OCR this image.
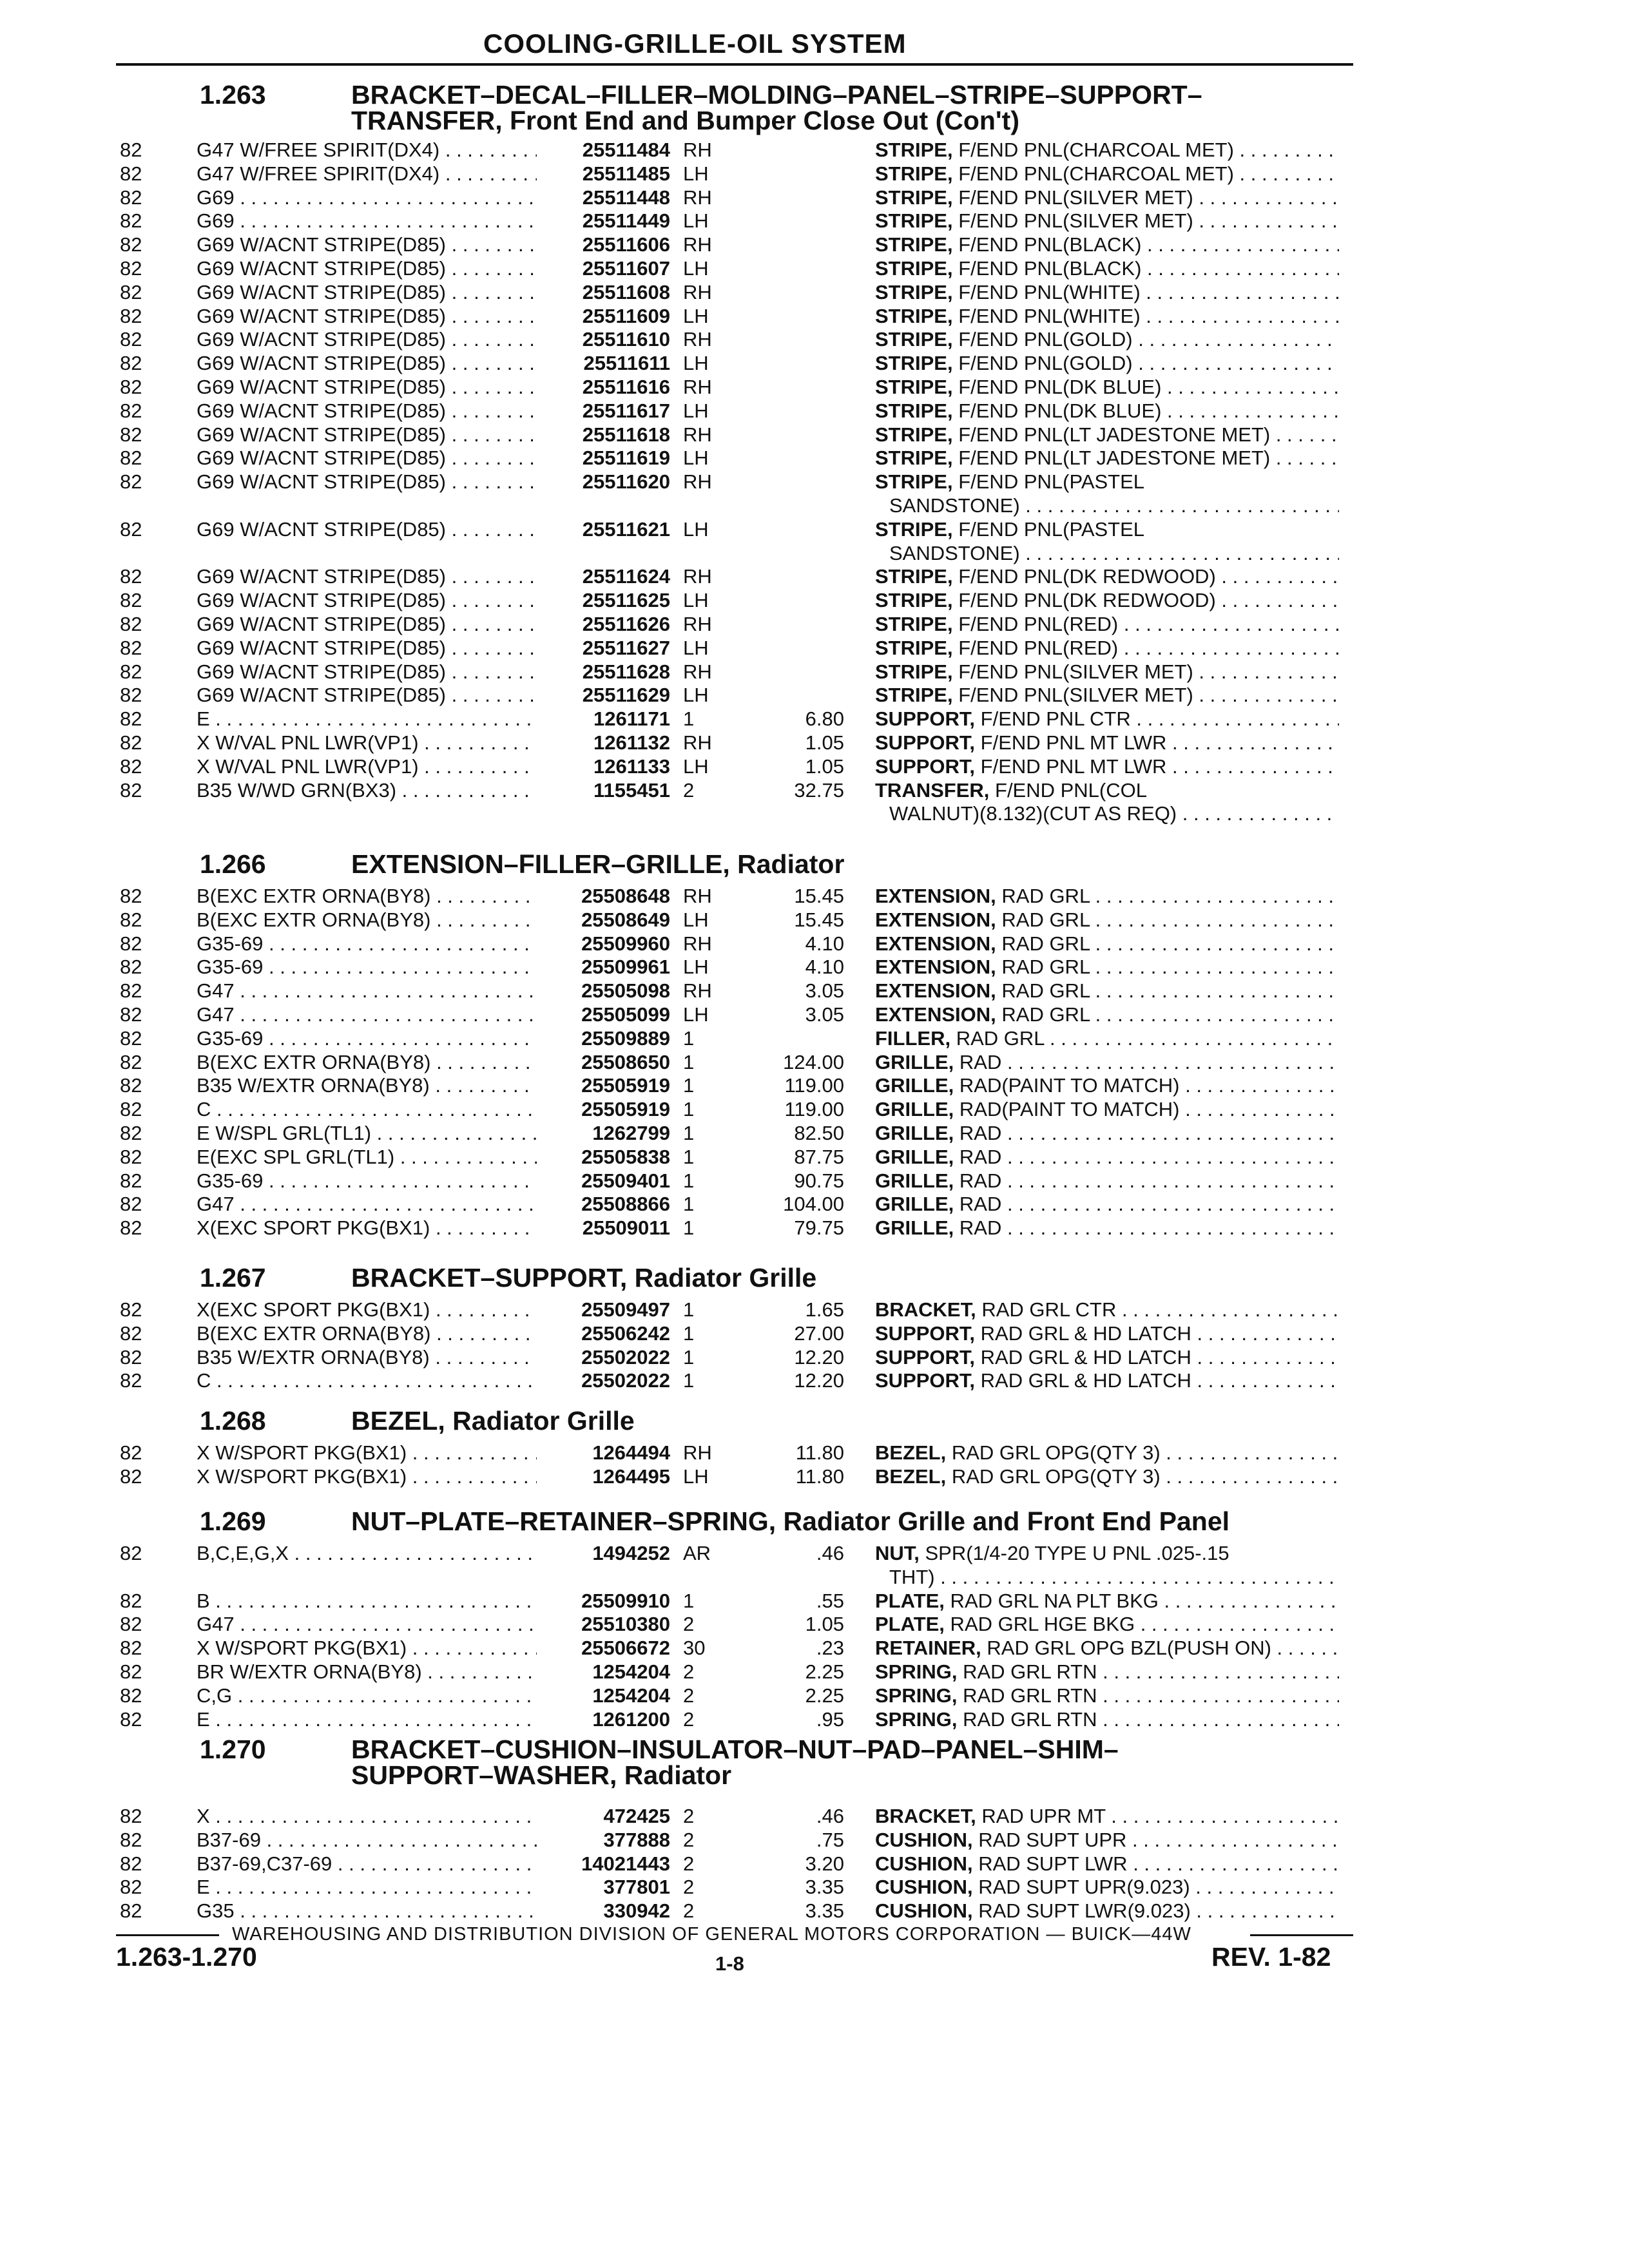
COOLING-GRILLE-OIL SYSTEM
1.263	BRACKET–DECAL–FILLER–MOLDING–PANEL–STRIPE–SUPPORT–
TRANSFER, Front End and Bumper Close Out (Con't)
82	G47 W/FREE SPIRIT(DX4) . . .	25511484 RH	STRIPE, F/END PNL(CHARCOAL MET) . . .
82	G47 W/FREE SPIRIT(DX4) . . .	25511485 LH	STRIPE, F/END PNL(CHARCOAL MET) . . .
82	G69 . . .	25511448 RH	STRIPE, F/END PNL(SILVER MET) . . .
82	G69 . . .	25511449 LH	STRIPE, F/END PNL(SILVER MET) . . .
82	G69 W/ACNT STRIPE(D85) . . .	25511606 RH	STRIPE, F/END PNL(BLACK) . . .
82	G69 W/ACNT STRIPE(D85) . . .	25511607 LH	STRIPE, F/END PNL(BLACK) . . .
82	G69 W/ACNT STRIPE(D85) . . .	25511608 RH	STRIPE, F/END PNL(WHITE) . . .
82	G69 W/ACNT STRIPE(D85) . . .	25511609 LH	STRIPE, F/END PNL(WHITE) . . .
82	G69 W/ACNT STRIPE(D85) . . .	25511610 RH	STRIPE, F/END PNL(GOLD) . . .
82	G69 W/ACNT STRIPE(D85) . . .	25511611 LH	STRIPE, F/END PNL(GOLD) . . .
82	G69 W/ACNT STRIPE(D85) . . .	25511616 RH	STRIPE, F/END PNL(DK BLUE) . . .
82	G69 W/ACNT STRIPE(D85) . . .	25511617 LH	STRIPE, F/END PNL(DK BLUE) . . .
82	G69 W/ACNT STRIPE(D85) . . .	25511618 RH	STRIPE, F/END PNL(LT JADESTONE MET) . . .
82	G69 W/ACNT STRIPE(D85) . . .	25511619 LH	STRIPE, F/END PNL(LT JADESTONE MET) . . .
82	G69 W/ACNT STRIPE(D85) . . .	25511620 RH	STRIPE, F/END PNL(PASTEL
SANDSTONE) . . .
82	G69 W/ACNT STRIPE(D85) . . .	25511621 LH	STRIPE, F/END PNL(PASTEL
SANDSTONE) . . .
82	G69 W/ACNT STRIPE(D85) . . .	25511624 RH	STRIPE, F/END PNL(DK REDWOOD) . . .
82	G69 W/ACNT STRIPE(D85) . . .	25511625 LH	STRIPE, F/END PNL(DK REDWOOD) . . .
82	G69 W/ACNT STRIPE(D85) . . .	25511626 RH	STRIPE, F/END PNL(RED) . . .
82	G69 W/ACNT STRIPE(D85) . . .	25511627 LH	STRIPE, F/END PNL(RED) . . .
82	G69 W/ACNT STRIPE(D85) . . .	25511628 RH	STRIPE, F/END PNL(SILVER MET) . . .
82	G69 W/ACNT STRIPE(D85) . . .	25511629 LH	STRIPE, F/END PNL(SILVER MET) . . .
82	E . . .	1261171 1	6.80 SUPPORT, F/END PNL CTR . . .
82	X W/VAL PNL LWR(VP1) . . .	1261132 RH	1.05 SUPPORT, F/END PNL MT LWR . . .
82	X W/VAL PNL LWR(VP1) . . .	1261133 LH	1.05 SUPPORT, F/END PNL MT LWR . . .
82	B35 W/WD GRN(BX3) . . .	1155451 2	32.75 TRANSFER, F/END PNL(COL
WALNUT)(8.132)(CUT AS REQ) . . .
1.266	EXTENSION–FILLER–GRILLE, Radiator
82	B(EXC EXTR ORNA(BY8) . . .	25508648 RH	15.45 EXTENSION, RAD GRL . . .
82	B(EXC EXTR ORNA(BY8) . . .	25508649 LH	15.45 EXTENSION, RAD GRL . . .
82	G35-69 . . .	25509960 RH	4.10 EXTENSION, RAD GRL . . .
82	G35-69 . . .	25509961 LH	4.10 EXTENSION, RAD GRL . . .
82	G47 . . .	25505098 RH	3.05 EXTENSION, RAD GRL . . .
82	G47 . . .	25505099 LH	3.05 EXTENSION, RAD GRL . . .
82	G35-69 . . .	25509889 1	FILLER, RAD GRL . . .
82	B(EXC EXTR ORNA(BY8) . . .	25508650 1	124.00 GRILLE, RAD . . .
82	B35 W/EXTR ORNA(BY8) . . .	25505919 1	119.00 GRILLE, RAD(PAINT TO MATCH) . . .
82	C . . .	25505919 1	119.00 GRILLE, RAD(PAINT TO MATCH) . . .
82	E W/SPL GRL(TL1) . . .	1262799 1	82.50 GRILLE, RAD . . .
82	E(EXC SPL GRL(TL1) . . .	25505838 1	87.75 GRILLE, RAD . . .
82	G35-69 . . .	25509401 1	90.75 GRILLE, RAD . . .
82	G47 . . .	25508866 1	104.00 GRILLE, RAD . . .
82	X(EXC SPORT PKG(BX1) . . .	25509011 1	79.75 GRILLE, RAD . . .
1.267	BRACKET–SUPPORT, Radiator Grille
82	X(EXC SPORT PKG(BX1) . . .	25509497 1	1.65 BRACKET, RAD GRL CTR . . .
82	B(EXC EXTR ORNA(BY8) . . .	25506242 1	27.00 SUPPORT, RAD GRL & HD LATCH . . .
82	B35 W/EXTR ORNA(BY8) . . .	25502022 1	12.20 SUPPORT, RAD GRL & HD LATCH . . .
82	C . . .	25502022 1	12.20 SUPPORT, RAD GRL & HD LATCH . . .
1.268	BEZEL, Radiator Grille
82	X W/SPORT PKG(BX1) . . .	1264494 RH	11.80 BEZEL, RAD GRL OPG(QTY 3) . . .
82	X W/SPORT PKG(BX1) . . .	1264495 LH	11.80 BEZEL, RAD GRL OPG(QTY 3) . . .
1.269	NUT–PLATE–RETAINER–SPRING, Radiator Grille and Front End Panel
82	B,C,E,G,X . . .	1494252 AR	.46 NUT, SPR(1/4-20 TYPE U PNL .025-.15
THT) . . .
82	B . . .	25509910 1	.55 PLATE, RAD GRL NA PLT BKG . . .
82	G47 . . .	25510380 2	1.05 PLATE, RAD GRL HGE BKG . . .
82	X W/SPORT PKG(BX1) . . .	25506672 30	.23 RETAINER, RAD GRL OPG BZL(PUSH ON) . . .
82	BR W/EXTR ORNA(BY8) . . .	1254204 2	2.25 SPRING, RAD GRL RTN . . .
82	C,G . . .	1254204 2	2.25 SPRING, RAD GRL RTN . . .
82	E . . .	1261200 2	.95 SPRING, RAD GRL RTN . . .
1.270	BRACKET–CUSHION–INSULATOR–NUT–PAD–PANEL–SHIM–
SUPPORT–WASHER, Radiator
82	X . . .	472425 2	.46 BRACKET, RAD UPR MT . . .
82	B37-69 . . .	377888 2	.75 CUSHION, RAD SUPT UPR . . .
82	B37-69,C37-69 . . .	14021443 2	3.20 CUSHION, RAD SUPT LWR . . .
82	E . . .	377801 2	3.35 CUSHION, RAD SUPT UPR(9.023) . . .
82	G35 . . .	330942 2	3.35 CUSHION, RAD SUPT LWR(9.023) . . .
WAREHOUSING AND DISTRIBUTION DIVISION OF GENERAL MOTORS CORPORATION — BUICK—44W
1.263-1.270	1-8	REV. 1-82
